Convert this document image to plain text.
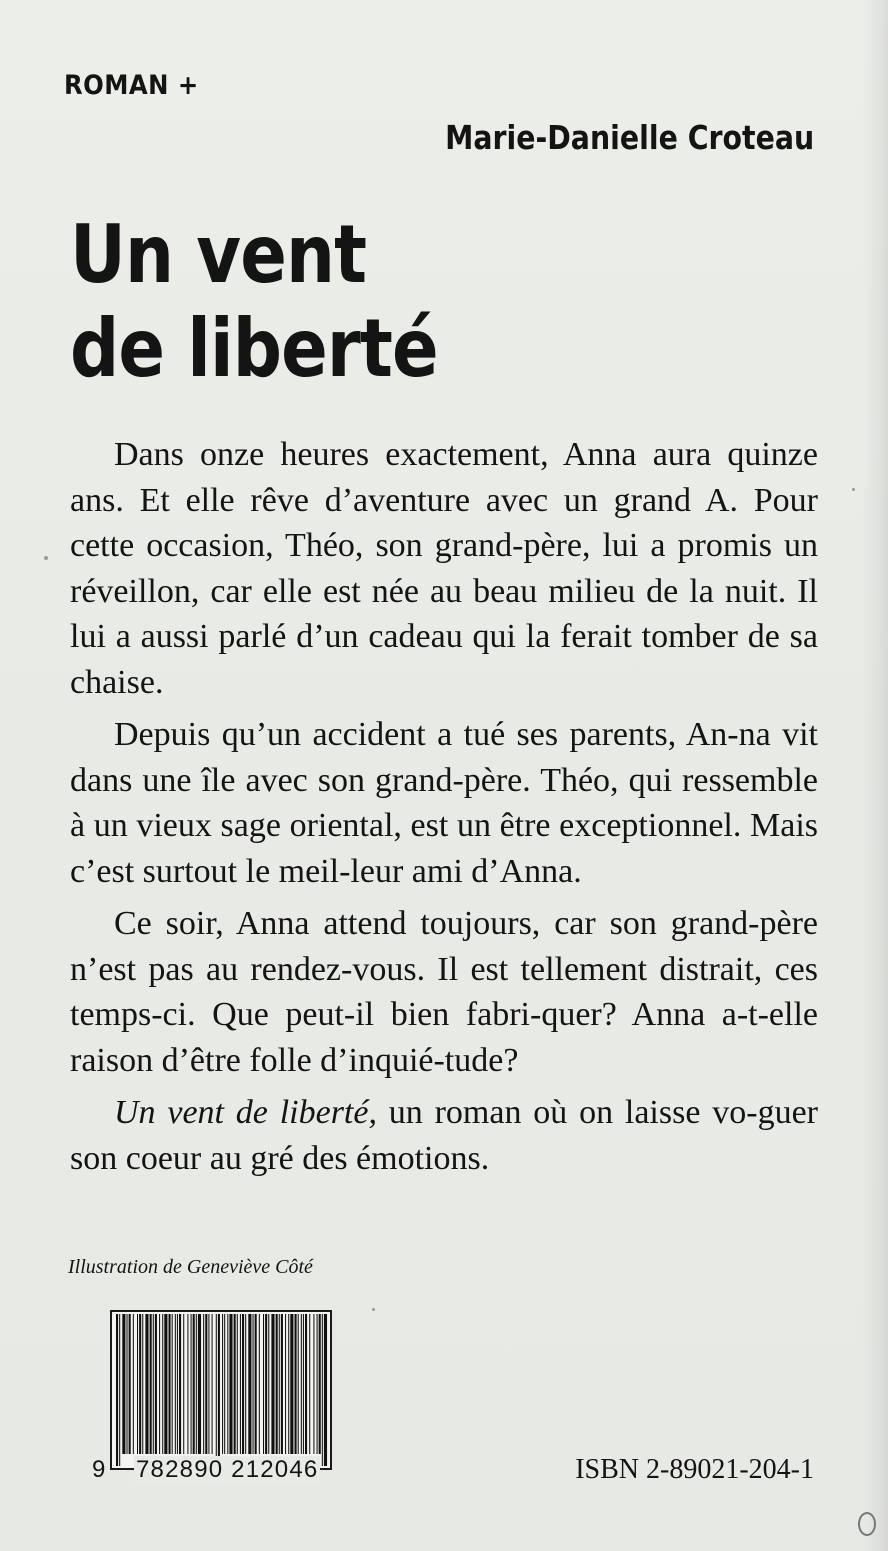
ROMAN +
Marie-Danielle Croteau
Un vent
de liberté

Dans onze heures exactement, Anna aura quinze ans. Et elle rêve d’aventure avec un grand A. Pour cette occasion, Théo, son grand-père, lui a promis un réveillon, car elle est née au beau milieu de la nuit. Il lui a aussi parlé d’un cadeau qui la ferait tomber de sa chaise.

Depuis qu’un accident a tué ses parents, An-na vit dans une île avec son grand-père. Théo, qui ressemble à un vieux sage oriental, est un être exceptionnel. Mais c’est surtout le meil-leur ami d’Anna.

Ce soir, Anna attend toujours, car son grand-père n’est pas au rendez-vous. Il est tellement distrait, ces temps-ci. Que peut-il bien fabri-quer? Anna a-t-elle raison d’être folle d’inquié-tude?

Un vent de liberté, un roman où on laisse vo-guer son coeur au gré des émotions.

Illustration de Geneviève Côté
9 782890 212046	ISBN 2-89021-204-1
